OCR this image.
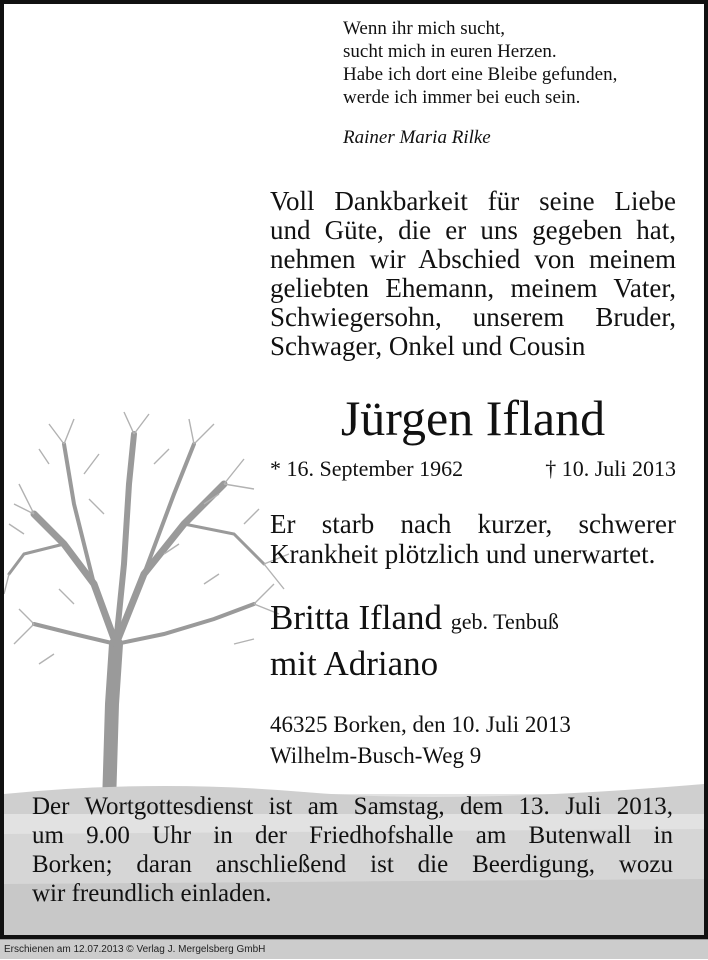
Wenn ihr mich sucht,
sucht mich in euren Herzen.
Habe ich dort eine Bleibe gefunden,
werde ich immer bei euch sein.
Rainer Maria Rilke
Voll Dankbarkeit für seine Liebe
und Güte, die er uns gegeben hat,
nehmen wir Abschied von meinem
geliebten Ehemann, meinem Vater,
Schwiegersohn, unserem Bruder,
Schwager, Onkel und Cousin
Jürgen Ifland
* 16. September 1962	† 10. Juli 2013
Er starb nach kurzer, schwerer
Krankheit plötzlich und unerwartet.
Britta Ifland geb. Tenbuß
mit Adriano
46325 Borken, den 10. Juli 2013
Wilhelm-Busch-Weg 9
Der Wortgottesdienst ist am Samstag, dem 13. Juli 2013,
um 9.00 Uhr in der Friedhofshalle am Butenwall in
Borken; daran anschließend ist die Beerdigung, wozu
wir freundlich einladen.
Erschienen am 12.07.2013 © Verlag J. Mergelsberg GmbH
